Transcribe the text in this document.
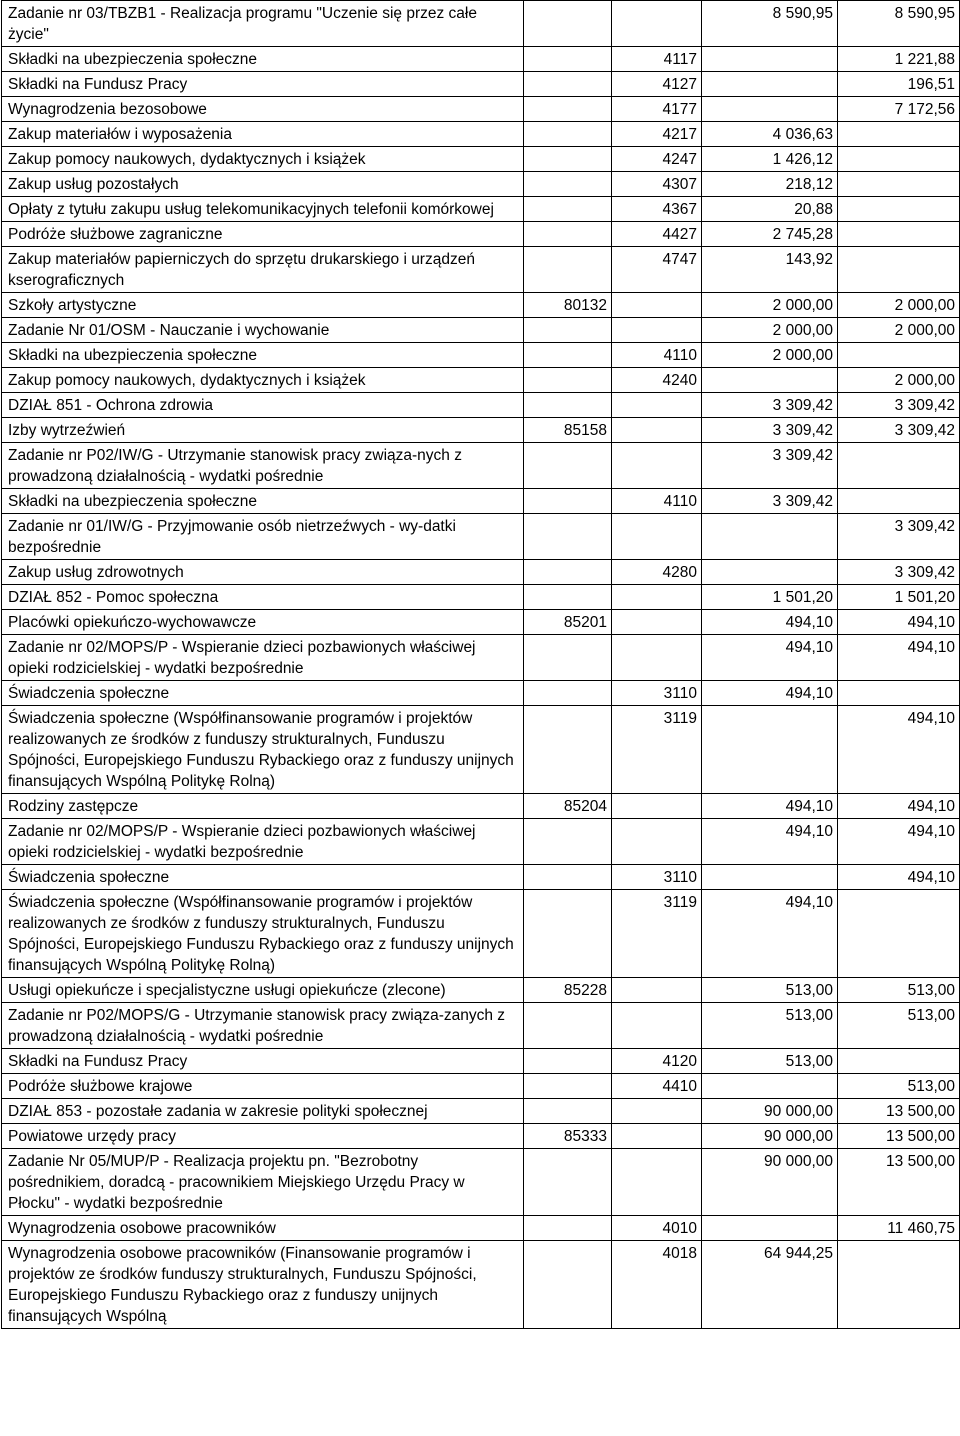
Zadanie nr 03/TBZB1 - Realizacja programu "Uczenie się przez całe życie"			8 590,95	8 590,95
Składki na ubezpieczenia społeczne		4117		1 221,88
Składki na Fundusz Pracy		4127		196,51
Wynagrodzenia bezosobowe		4177		7 172,56
Zakup materiałów i wyposażenia		4217	4 036,63	
Zakup pomocy naukowych, dydaktycznych i książek		4247	1 426,12	
Zakup usług pozostałych		4307	218,12	
Opłaty z tytułu zakupu usług telekomunikacyjnych telefonii komórkowej		4367	20,88	
Podróże służbowe zagraniczne		4427	2 745,28	
Zakup materiałów papierniczych do sprzętu drukarskiego i urządzeń kserograficznych		4747	143,92	
Szkoły artystyczne	80132		2 000,00	2 000,00
Zadanie Nr 01/OSM - Nauczanie i wychowanie			2 000,00	2 000,00
Składki na ubezpieczenia społeczne		4110	2 000,00	
Zakup pomocy naukowych, dydaktycznych i książek		4240		2 000,00
DZIAŁ 851 - Ochrona zdrowia			3 309,42	3 309,42
Izby wytrzeźwień	85158		3 309,42	3 309,42
Zadanie nr P02/IW/G - Utrzymanie stanowisk pracy związa-nych z prowadzoną działalnością - wydatki pośrednie			3 309,42	
Składki na ubezpieczenia społeczne		4110	3 309,42	
Zadanie nr 01/IW/G - Przyjmowanie osób nietrzeźwych - wy-datki bezpośrednie				3 309,42
Zakup usług zdrowotnych		4280		3 309,42
DZIAŁ 852 - Pomoc społeczna			1 501,20	1 501,20
Placówki opiekuńczo-wychowawcze	85201		494,10	494,10
Zadanie nr 02/MOPS/P - Wspieranie dzieci pozbawionych właściwej opieki rodzicielskiej - wydatki bezpośrednie			494,10	494,10
Świadczenia społeczne		3110	494,10	
Świadczenia społeczne (Współfinansowanie programów i projektów realizowanych ze środków z funduszy strukturalnych, Funduszu Spójności, Europejskiego Funduszu Rybackiego oraz z funduszy unijnych finansujących Wspólną Politykę Rolną)		3119		494,10
Rodziny zastępcze	85204		494,10	494,10
Zadanie nr 02/MOPS/P - Wspieranie dzieci pozbawionych właściwej opieki rodzicielskiej - wydatki bezpośrednie			494,10	494,10
Świadczenia społeczne		3110		494,10
Świadczenia społeczne (Współfinansowanie programów i projektów realizowanych ze środków z funduszy strukturalnych, Funduszu Spójności, Europejskiego Funduszu Rybackiego oraz z funduszy unijnych finansujących Wspólną Politykę Rolną)		3119	494,10	
Usługi opiekuńcze i specjalistyczne usługi opiekuńcze (zlecone)	85228		513,00	513,00
Zadanie nr P02/MOPS/G - Utrzymanie stanowisk pracy związa-zanych z prowadzoną działalnością - wydatki pośrednie			513,00	513,00
Składki na Fundusz Pracy		4120	513,00	
Podróże służbowe krajowe		4410		513,00
DZIAŁ 853 - pozostałe zadania w zakresie polityki społecznej			90 000,00	13 500,00
Powiatowe urzędy pracy	85333		90 000,00	13 500,00
Zadanie Nr 05/MUP/P - Realizacja projektu pn. "Bezrobotny pośrednikiem, doradcą - pracownikiem Miejskiego Urzędu Pracy w Płocku" - wydatki bezpośrednie			90 000,00	13 500,00
Wynagrodzenia osobowe pracowników		4010		11 460,75
Wynagrodzenia osobowe pracowników (Finansowanie programów i projektów ze środków funduszy strukturalnych, Funduszu Spójności, Europejskiego Funduszu Rybackiego oraz z funduszy unijnych finansujących Wspólną		4018	64 944,25	
